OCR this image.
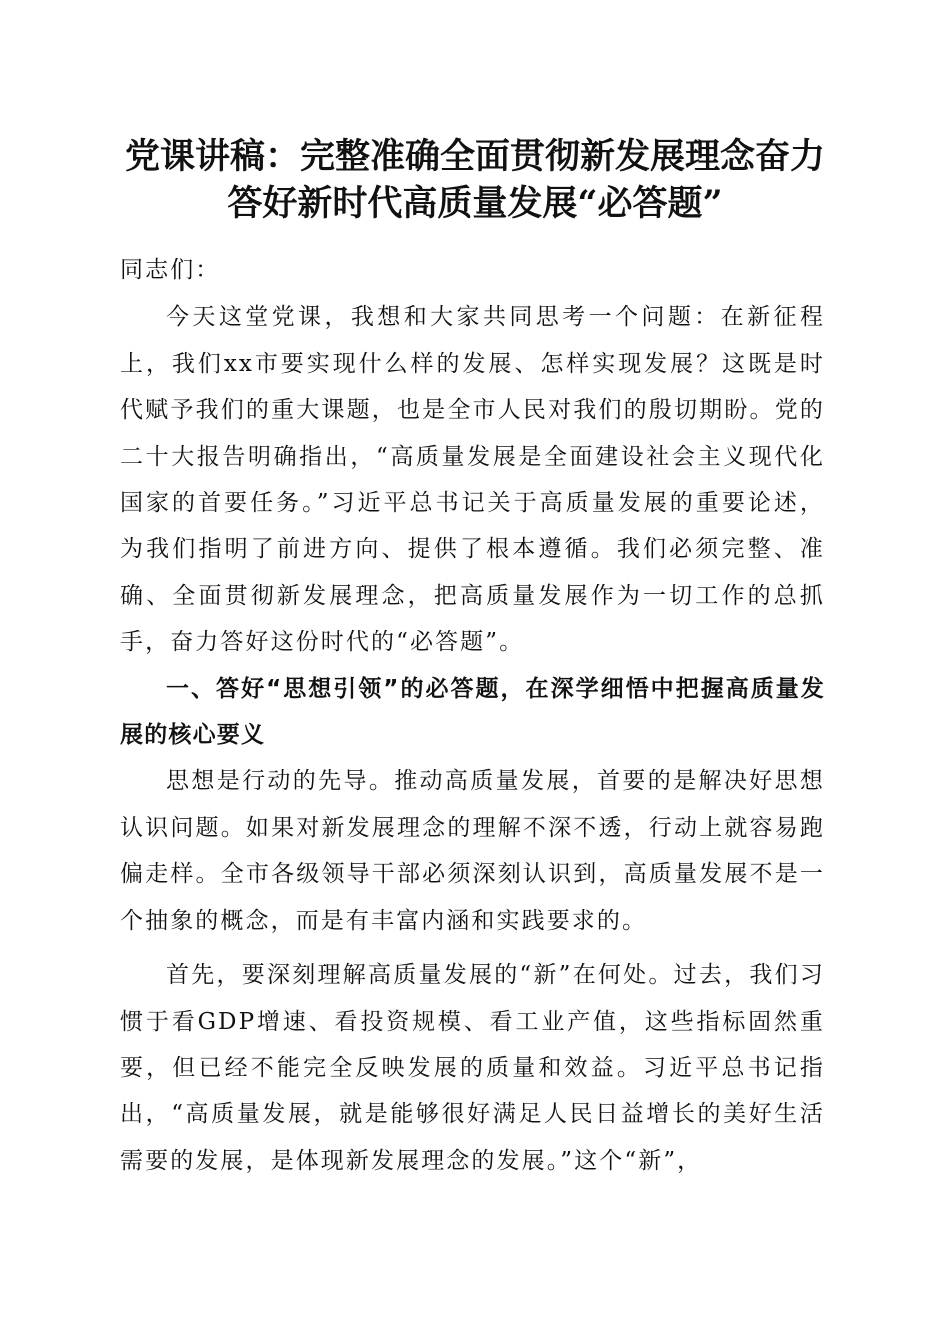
党课讲稿：完整准确全面贯彻新发展理念奋力
答好新时代高质量发展“必答题”

同志们：

今天这堂党课，我想和大家共同思考一个问题：在新征程上，我们xx市要实现什么样的发展、怎样实现发展？这既是时代赋予我们的重大课题，也是全市人民对我们的殷切期盼。党的二十大报告明确指出，“高质量发展是全面建设社会主义现代化国家的首要任务。”习近平总书记关于高质量发展的重要论述，为我们指明了前进方向、提供了根本遵循。我们必须完整、准确、全面贯彻新发展理念，把高质量发展作为一切工作的总抓手，奋力答好这份时代的“必答题”。

一、答好“思想引领”的必答题，在深学细悟中把握高质量发展的核心要义

思想是行动的先导。推动高质量发展，首要的是解决好思想认识问题。如果对新发展理念的理解不深不透，行动上就容易跑偏走样。全市各级领导干部必须深刻认识到，高质量发展不是一个抽象的概念，而是有丰富内涵和实践要求的。

首先，要深刻理解高质量发展的“新”在何处。过去，我们习惯于看GDP增速、看投资规模、看工业产值，这些指标固然重要，但已经不能完全反映发展的质量和效益。习近平总书记指出，“高质量发展，就是能够很好满足人民日益增长的美好生活需要的发展，是体现新发展理念的发展。”这个“新”，
